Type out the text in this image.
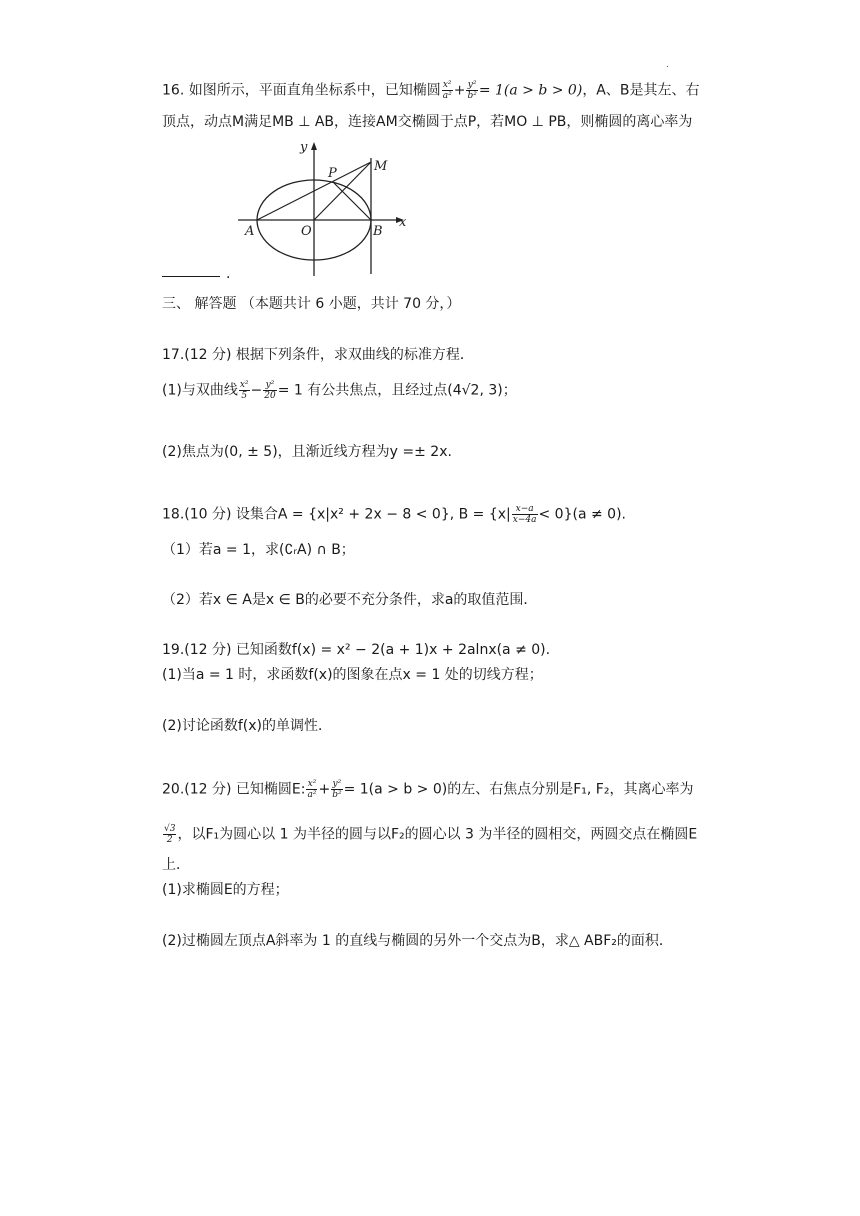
.
16. 如图所示，平面直角坐标系中，已知椭圆 $\frac{\text{x²}}{\text{a²}} + \frac{\text{y²}}{\text{b²}} = 1(a > b > 0)$，A、B是其左、右
顶点，动点M满足MB ⊥ AB，连接AM交椭圆于点P，若MO ⊥ PB，则椭圆的离心率为
y
x
P	M
A	O	B
.
三、 解答题 （本题共计 6 小题，共计 70 分，）
17.(12 分) 根据下列条件，求双曲线的标准方程．
(1)与双曲线 $\frac{\text{x²}}{5} - \frac{\text{y²}}{20} = 1$ 有公共焦点，且经过点(4√2, 3)；
(2)焦点为(0, ± 5)，且渐近线方程为y =± 2x.
18.(10 分) 设集合A = {x|x² + 2x − 8 < 0}, $B = \{x| \frac{x-a}{x-4a} < 0\}(a \ne 0)$.
（1）若a = 1，求(∁ᵣA) ∩ B；
（2）若x ∈ A是x ∈ B的必要不充分条件，求a的取值范围．
19.(12 分) 已知函数f(x) = x² − 2(a + 1)x + 2alnx(a ≠ 0).
(1)当a = 1 时，求函数f(x)的图象在点x = 1 处的切线方程；
(2)讨论函数f(x)的单调性．
20.(12 分) 已知椭圆E: $\frac{\text{x²}}{\text{a²}} + \frac{\text{y²}}{\text{b²}} = 1(a > b > 0)$的左、右焦点分别是F₁, F₂，其离心率为
$\frac{√3}{2}$ ，以F₁为圆心以 1 为半径的圆与以F₂的圆心以 3 为半径的圆相交，两圆交点在椭圆E
上．
(1)求椭圆E的方程；
(2)过椭圆左顶点A斜率为 1 的直线与椭圆的另外一个交点为B，求△ ABF₂的面积．
